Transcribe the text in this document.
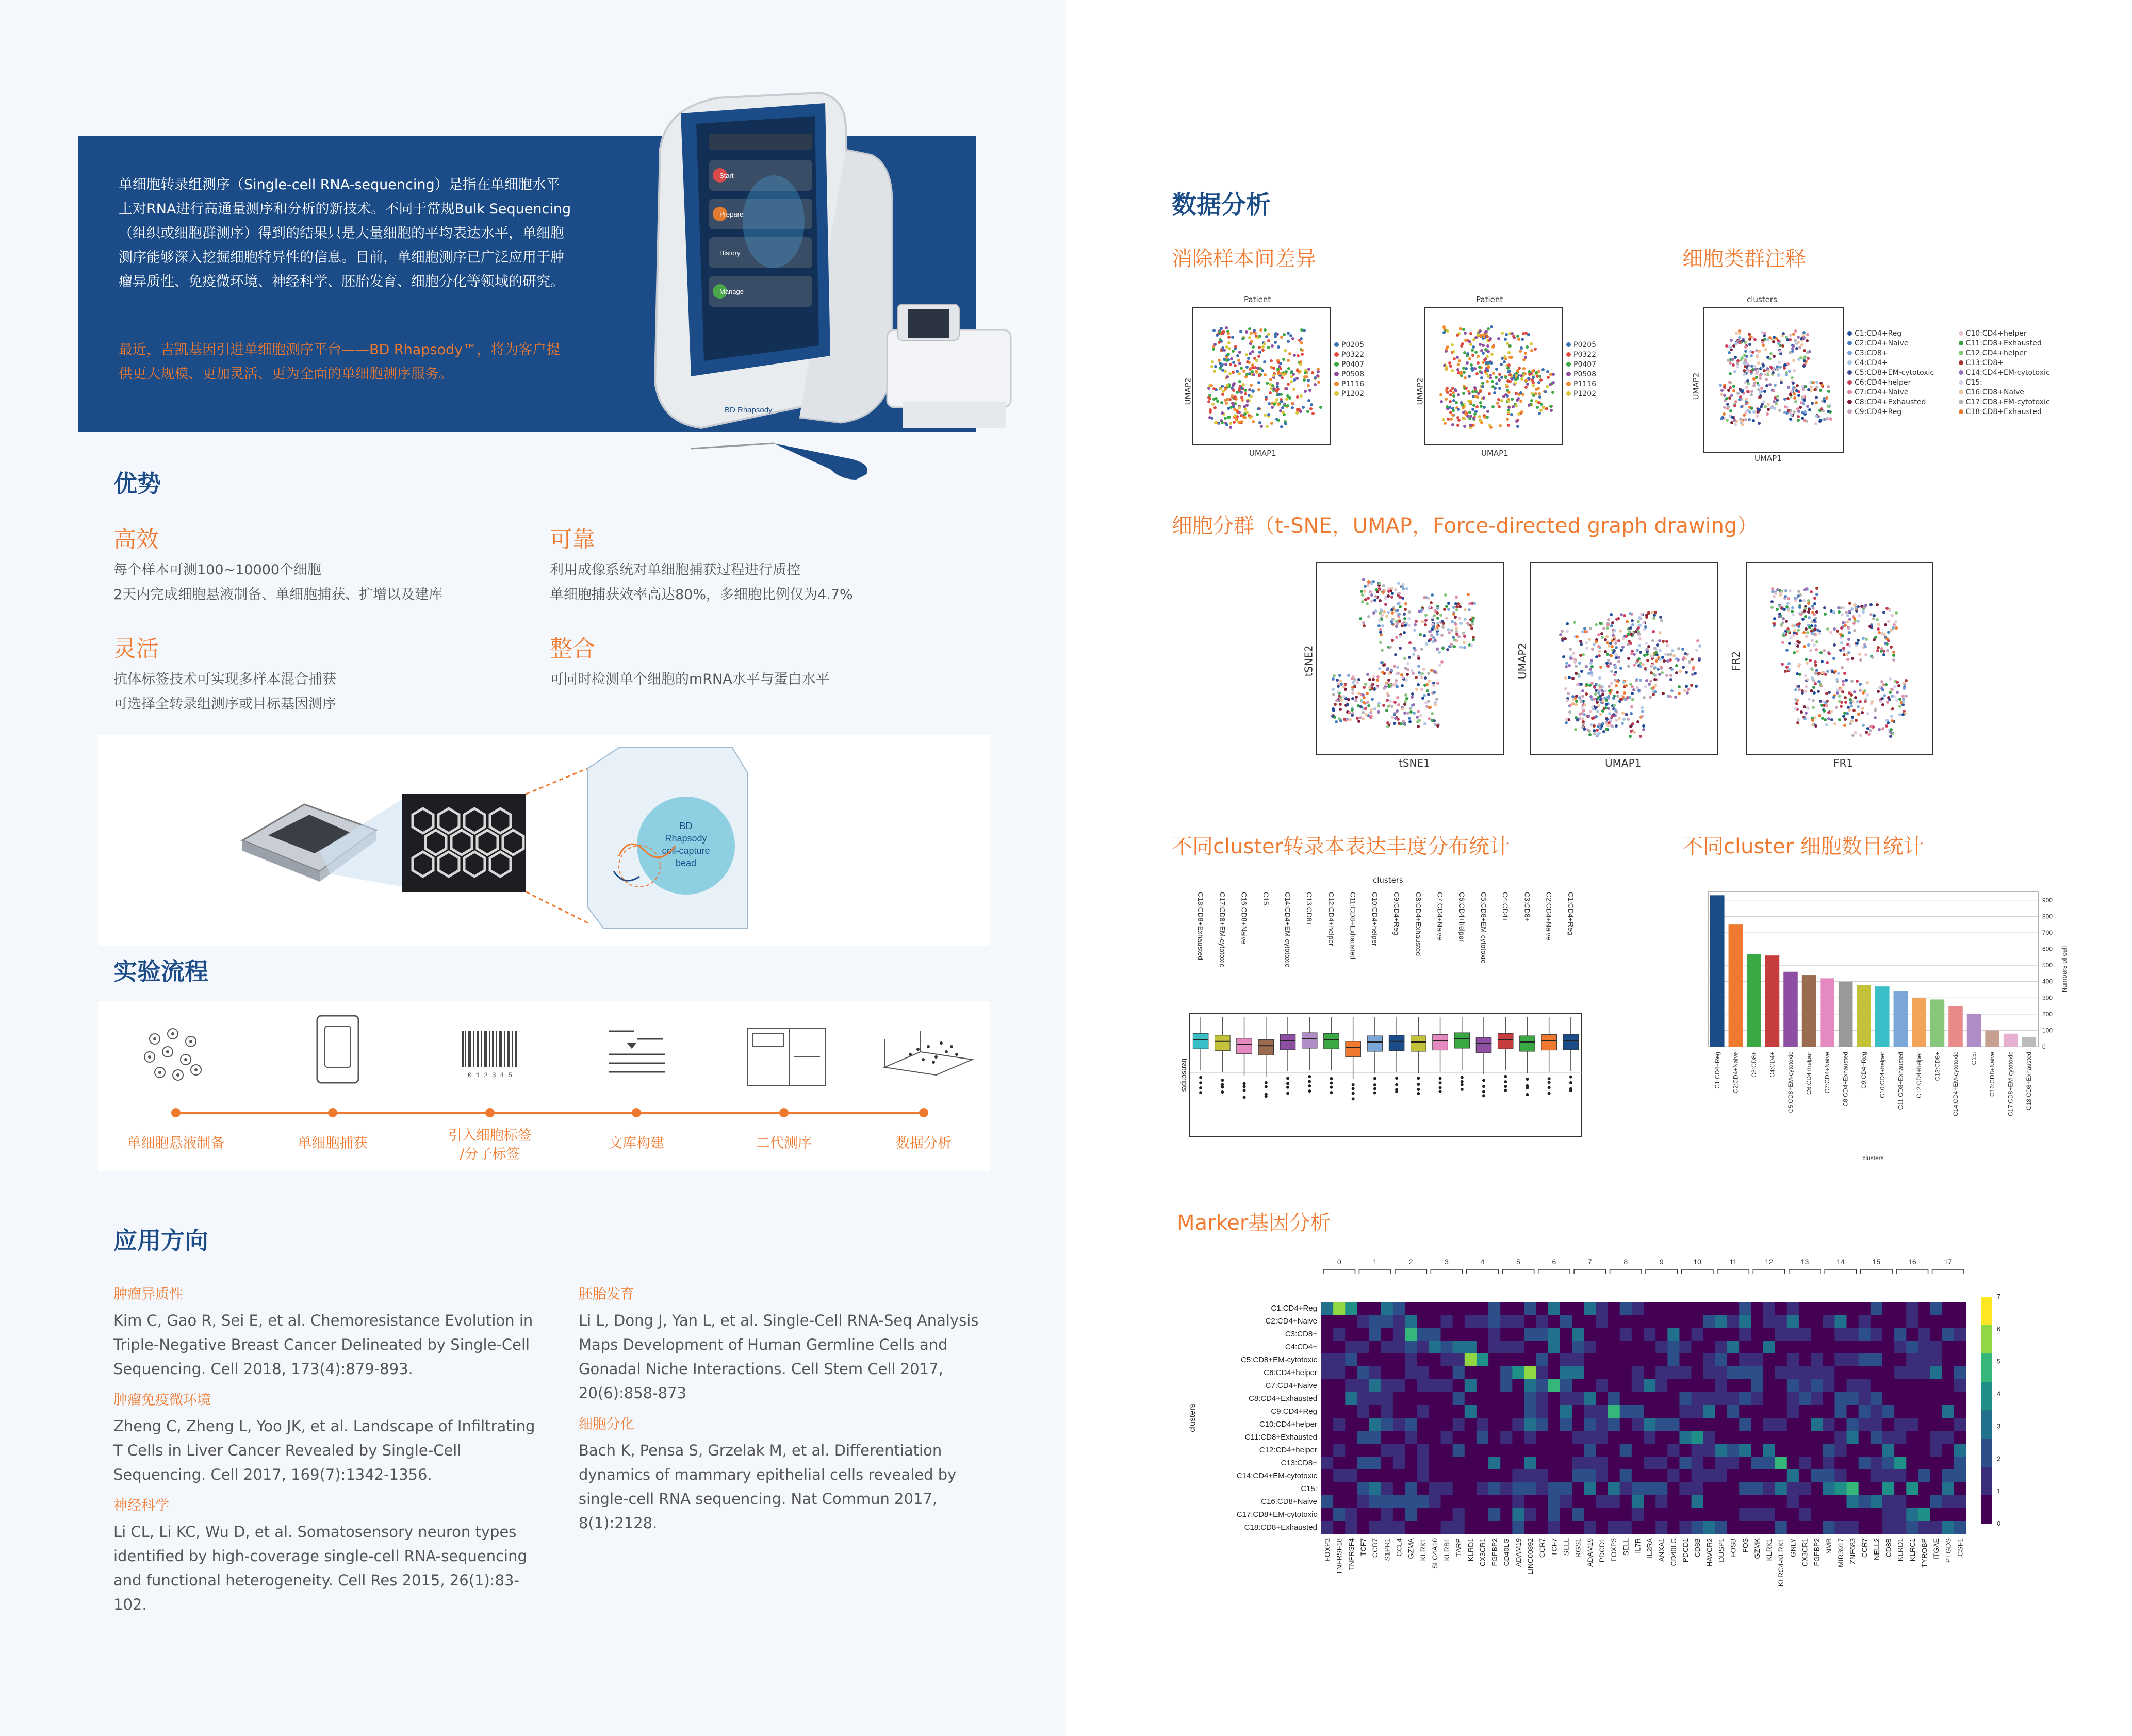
单细胞转录组测序（Single-cell RNA-sequencing）是指在单细胞水平上对RNA进行高通量测序和分析的新技术。不同于常规Bulk Sequencing（组织或细胞群测序）得到的结果只是大量细胞的平均表达水平，单细胞测序能够深入挖掘细胞特异性的信息。目前，单细胞测序已广泛应用于肿瘤异质性、免疫微环境、神经科学、胚胎发育、细胞分化等领域的研究。
最近，吉凯基因引进单细胞测序平台——BD Rhapsody™，将为客户提供更大规模、更加灵活、更为全面的单细胞测序服务。
Start
Prepare
History
Manage
BD Rhapsody
优势
高效
每个样本可测100~10000个细胞
2天内完成细胞悬液制备、单细胞捕获、扩增以及建库
可靠
利用成像系统对单细胞捕获过程进行质控
单细胞捕获效率高达80%，多细胞比例仅为4.7%
灵活
抗体标签技术可实现多样本混合捕获
可选择全转录组测序或目标基因测序
整合
可同时检测单个细胞的mRNA水平与蛋白水平
BD
Rhapsody
cell-capture
bead
实验流程
0 1 2 3 4 5
单细胞悬液制备	单细胞捕获	引入细胞标签
/分子标签
文库构建	二代测序	数据分析
应用方向
肿瘤异质性
Kim C, Gao R, Sei E, et al. Chemoresistance Evolution in Triple-Negative Breast Cancer Delineated by Single-Cell Sequencing. Cell 2018, 173(4):879-893.
肿瘤免疫微环境
Zheng C, Zheng L, Yoo JK, et al. Landscape of Infiltrating T Cells in Liver Cancer Revealed by Single-Cell Sequencing. Cell 2017, 169(7):1342-1356.
神经科学
Li CL, Li KC, Wu D, et al. Somatosensory neuron types identified by high-coverage single-cell RNA-sequencing and functional heterogeneity. Cell Res 2015, 26(1):83-102.
胚胎发育
Li L, Dong J, Yan L, et al. Single-Cell RNA-Seq Analysis Maps Development of Human Germline Cells and Gonadal Niche Interactions. Cell Stem Cell 2017, 20(6):858-873
细胞分化
Bach K, Pensa S, Grzelak M, et al. Differentiation dynamics of mammary epithelial cells revealed by single-cell RNA sequencing. Nat Commun 2017, 8(1):2128.
数据分析
消除样本间差异	细胞类群注释
Patient
UMAP1
UMAP2
P0205
P0322
P0407
P0508
P1116
P1202
Patient
UMAP1
UMAP2
P0205
P0322
P0407
P0508
P1116
P1202
clusters
UMAP1
UMAP2
C1:CD4+Reg
C2:CD4+Naive
C3:CD8+
C4:CD4+
C5:CD8+EM-cytotoxic
C6:CD4+helper
C7:CD4+Naive
C8:CD4+Exhausted
C9:CD4+Reg
C10:CD4+helper
C11:CD8+Exhausted
C12:CD4+helper
C13:CD8+
C14:CD4+EM-cytotoxic
C15:
C16:CD8+Naive
C17:CD8+EM-cytotoxic
C18:CD8+Exhausted
细胞分群（t-SNE，UMAP，Force-directed graph drawing）
tSNE1
tSNE2
UMAP1
UMAP2
FR1
FR2
不同cluster转录本表达丰度分布统计
clusters
transcripts
C18:CD8+Exhausted C17:CD8+EM-cytotoxic C16:CD8+Naive C15: C14:CD4+EM-cytotoxic C13:CD8+ C12:CD4+helper C11:CD8+Exhausted C10:CD4+helper C9:CD4+Reg C8:CD4+Exhausted C7:CD4+Naive C6:CD4+helper C5:CD8+EM-cytotoxic C4:CD4+ C3:CD8+ C2:CD4+Naive C1:CD4+Reg
不同cluster 细胞数目统计
0
100
200
300
400
500
600
700
800
900
C1:CD4+Reg C2:CD4+Naive C3:CD8+ C4:CD4+ C5:CD8+EM-cytotoxic C6:CD4+helper C7:CD4+Naive C8:CD4+Exhausted C9:CD4+Reg C10:CD4+helper C11:CD8+Exhausted C12:CD4+helper C13:CD8+ C14:CD4+EM-cytotoxic C15: C16:CD8+Naive C17:CD8+EM-cytotoxic C18:CD8+Exhausted
Numbers of cell
clusters
Marker基因分析
0	1	2	3	4	5	6	7	8	9	10	11	12	13	14	15	16	17
C1:CD4+Reg
C2:CD4+Naive
C3:CD8+
C4:CD4+
C5:CD8+EM-cytotoxic
C6:CD4+helper
C7:CD4+Naive
C8:CD4+Exhausted
C9:CD4+Reg
C10:CD4+helper
C11:CD8+Exhausted
C12:CD4+helper
C13:CD8+
C14:CD4+EM-cytotoxic
C15:
C16:CD8+Naive
C17:CD8+EM-cytotoxic
C18:CD8+Exhausted
clusters
FOXP3 TNFRSF18 TNFRSF4 TCF7 CCR7 S1PR1 CCL4 GZMA KLRK1 SLC4A10 KLRB1 TARP KLRD1 CX3CR1 FGFBP2 CD40LG ADAM19 LINC00892 CCR7 TCF7 SELL RGS1 ADAM19 PDCD1 FOXP3 SELL IL7R IL2RA ANXA1 CD40LG PDCD1 CD8B HAVCR2 DUSP1 FOSB FOS GZMK KLRK1 KLRC4-KLRK1 GNLY CX3CR1 FGFBP2 NMB MIR3917 ZNF683 CCR7 NELL2 CD8B KLRD1 KLRC1 TYROBP ITGAE PTGDS CSF1
0
1
2
3
4
5
6
7
